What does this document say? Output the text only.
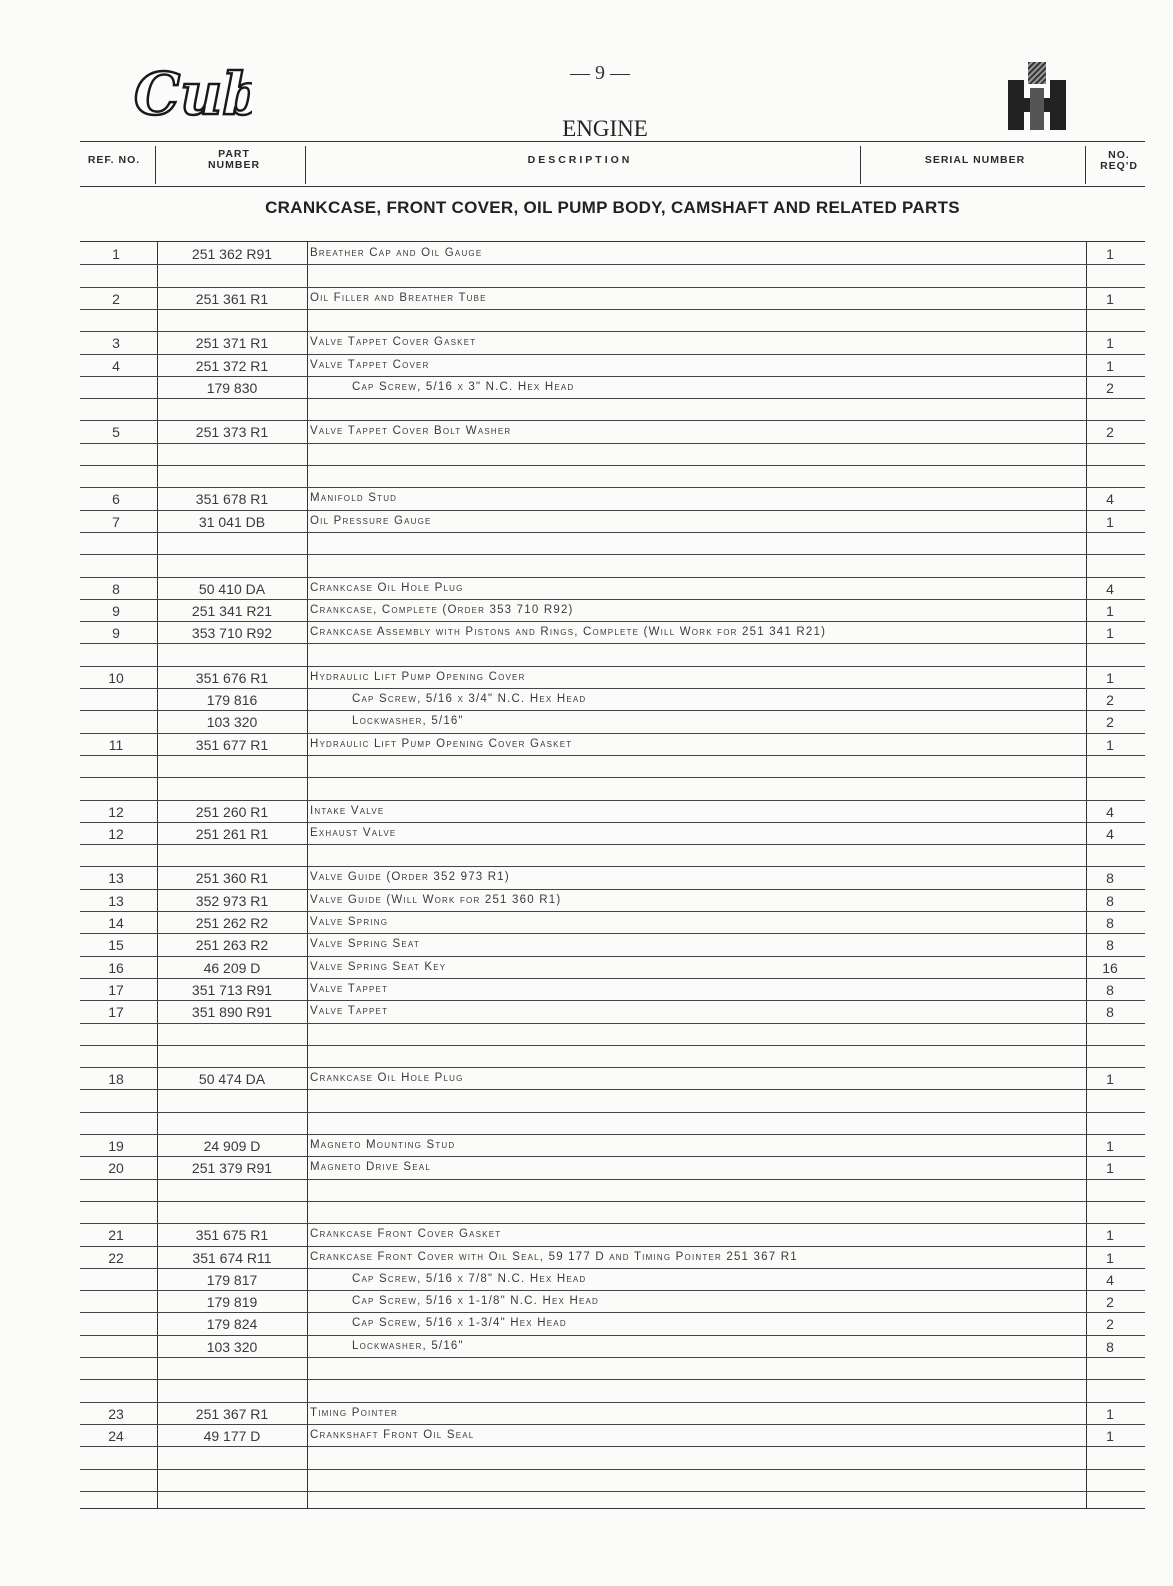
Cub	— 9 —
ENGINE
REF. NO.	PART NUMBER	DESCRIPTION	SERIAL NUMBER	NO. REQ'D
CRANKCASE, FRONT COVER, OIL PUMP BODY, CAMSHAFT AND RELATED PARTS
1	251 362 R91	Breather Cap and Oil Gauge	1
2	251 361 R1	Oil Filler and Breather Tube	1
3	251 371 R1	Valve Tappet Cover Gasket	1
4	251 372 R1	Valve Tappet Cover	1
179 830	Cap Screw, 5/16 x 3" N.C. Hex Head	2
5	251 373 R1	Valve Tappet Cover Bolt Washer	2
6	351 678 R1	Manifold Stud	4
7	31 041 DB	Oil Pressure Gauge	1
8	50 410 DA	Crankcase Oil Hole Plug	4
9	251 341 R21	Crankcase, Complete (Order 353 710 R92)	1
9	353 710 R92	Crankcase Assembly with Pistons and Rings, Complete (Will Work for 251 341 R21)	1
10	351 676 R1	Hydraulic Lift Pump Opening Cover	1
179 816	Cap Screw, 5/16 x 3/4" N.C. Hex Head	2
103 320	Lockwasher, 5/16"	2
11	351 677 R1	Hydraulic Lift Pump Opening Cover Gasket	1
12	251 260 R1	Intake Valve	4
12	251 261 R1	Exhaust Valve	4
13	251 360 R1	Valve Guide (Order 352 973 R1)	8
13	352 973 R1	Valve Guide (Will Work for 251 360 R1)	8
14	251 262 R2	Valve Spring	8
15	251 263 R2	Valve Spring Seat	8
16	46 209 D	Valve Spring Seat Key	16
17	351 713 R91	Valve Tappet	8
17	351 890 R91	Valve Tappet	8
18	50 474 DA	Crankcase Oil Hole Plug	1
19	24 909 D	Magneto Mounting Stud	1
20	251 379 R91	Magneto Drive Seal	1
21	351 675 R1	Crankcase Front Cover Gasket	1
22	351 674 R11	Crankcase Front Cover with Oil Seal, 59 177 D and Timing Pointer 251 367 R1	1
179 817	Cap Screw, 5/16 x 7/8" N.C. Hex Head	4
179 819	Cap Screw, 5/16 x 1-1/8" N.C. Hex Head	2
179 824	Cap Screw, 5/16 x 1-3/4" Hex Head	2
103 320	Lockwasher, 5/16"	8
23	251 367 R1	Timing Pointer	1
24	49 177 D	Crankshaft Front Oil Seal	1
